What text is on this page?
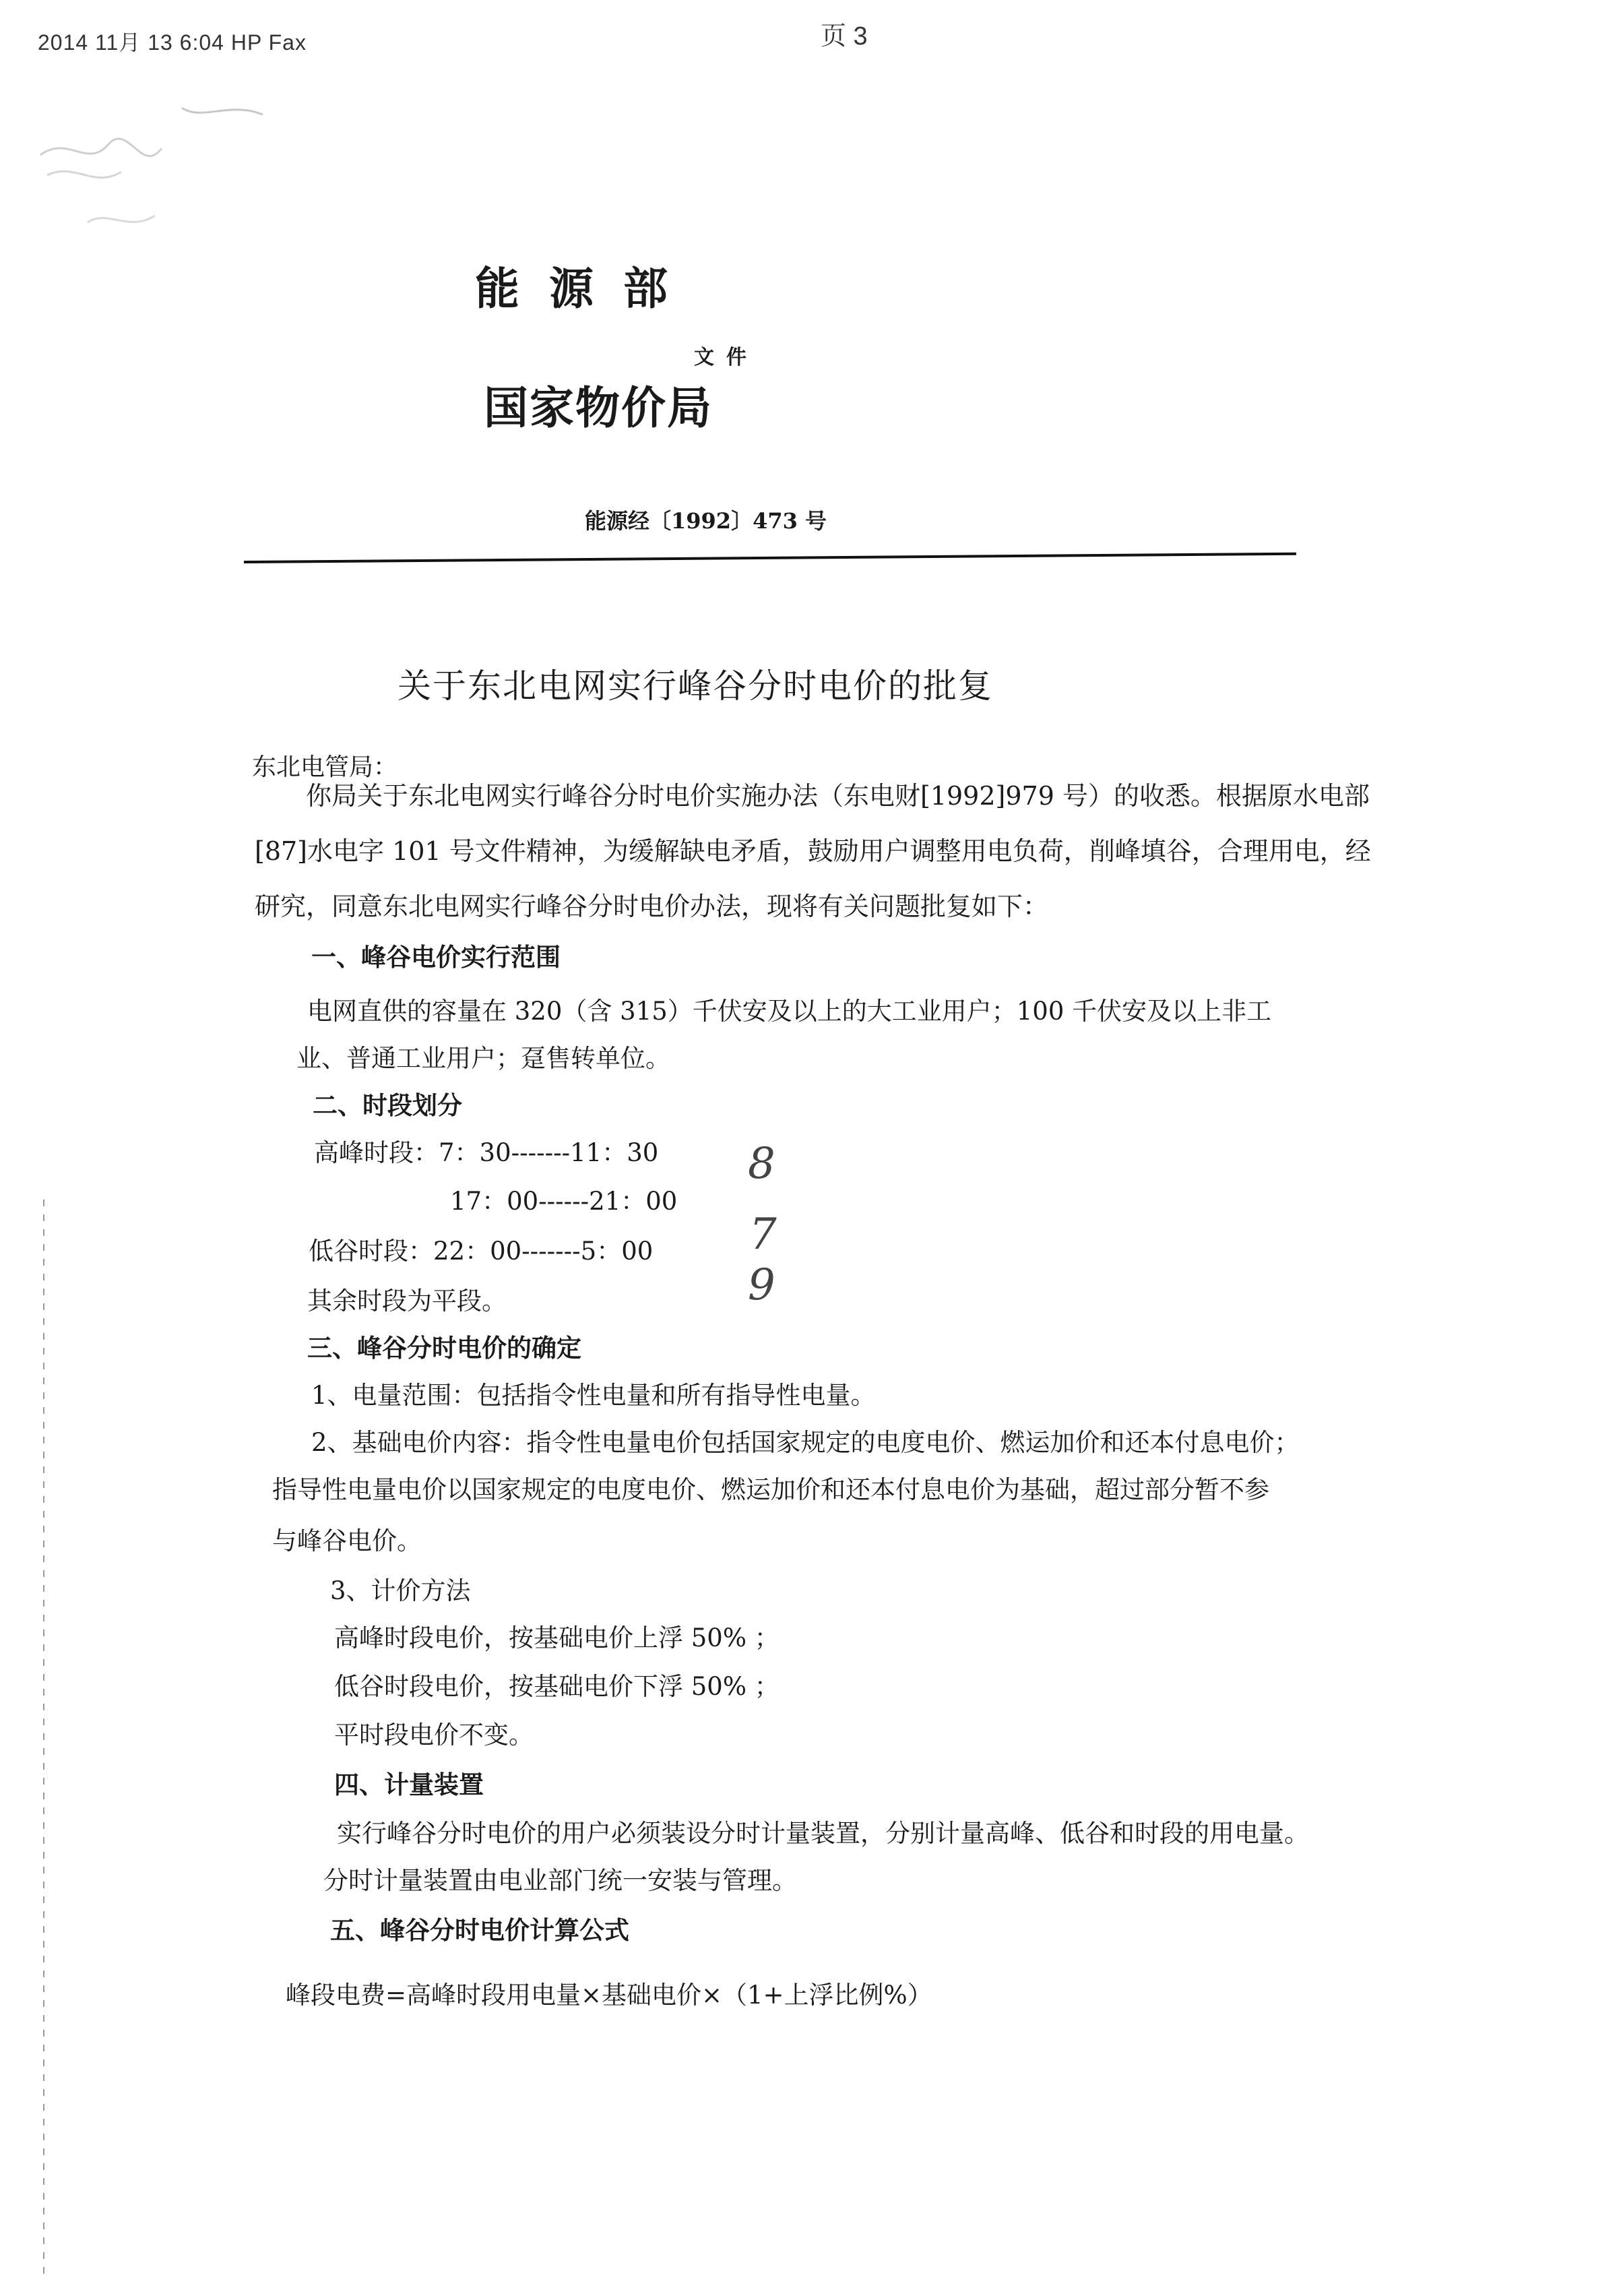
2014 11月 13 6:04 HP Fax	页 3
能源部
文件
国家物价局
能源经〔1992〕473 号
关于东北电网实行峰谷分时电价的批复
东北电管局：
你局关于东北电网实行峰谷分时电价实施办法（东电财[1992]979 号）的收悉。根据原水电部[87]水电字 101 号文件精神，为缓解缺电矛盾，鼓励用户调整用电负荷，削峰填谷，合理用电，经研究，同意东北电网实行峰谷分时电价办法，现将有关问题批复如下：
一、峰谷电价实行范围
电网直供的容量在 320（含 315）千伏安及以上的大工业用户；100 千伏安及以上非工
业、普通工业用户；趸售转单位。
二、时段划分
高峰时段：7：30-------11：30
17：00------21：00
低谷时段：22：00-------5：00
其余时段为平段。
8
7
9
三、峰谷分时电价的确定
1、电量范围：包括指令性电量和所有指导性电量。
2、基础电价内容：指令性电量电价包括国家规定的电度电价、燃运加价和还本付息电价；
指导性电量电价以国家规定的电度电价、燃运加价和还本付息电价为基础，超过部分暂不参
与峰谷电价。
3、计价方法
高峰时段电价，按基础电价上浮 50% ；
低谷时段电价，按基础电价下浮 50% ；
平时段电价不变。
四、计量装置
实行峰谷分时电价的用户必须装设分时计量装置，分别计量高峰、低谷和时段的用电量。
分时计量装置由电业部门统一安装与管理。
五、峰谷分时电价计算公式
峰段电费=高峰时段用电量×基础电价×（1+上浮比例%）
